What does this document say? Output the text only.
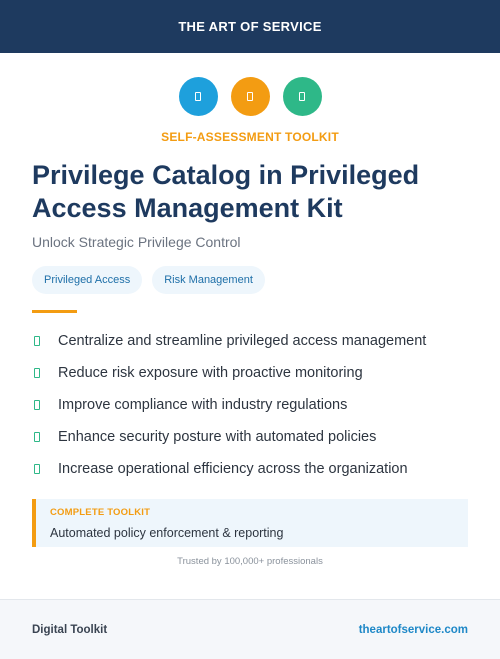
THE ART OF SERVICE
SELF-ASSESSMENT TOOLKIT
Privilege Catalog in Privileged
Access Management Kit
Unlock Strategic Privilege Control
Privileged Access	Risk Management
Centralize and streamline privileged access management
Reduce risk exposure with proactive monitoring
Improve compliance with industry regulations
Enhance security posture with automated policies
Increase operational efficiency across the organization
COMPLETE TOOLKIT
Automated policy enforcement & reporting
Trusted by 100,000+ professionals
Digital Toolkit	theartofservice.com
